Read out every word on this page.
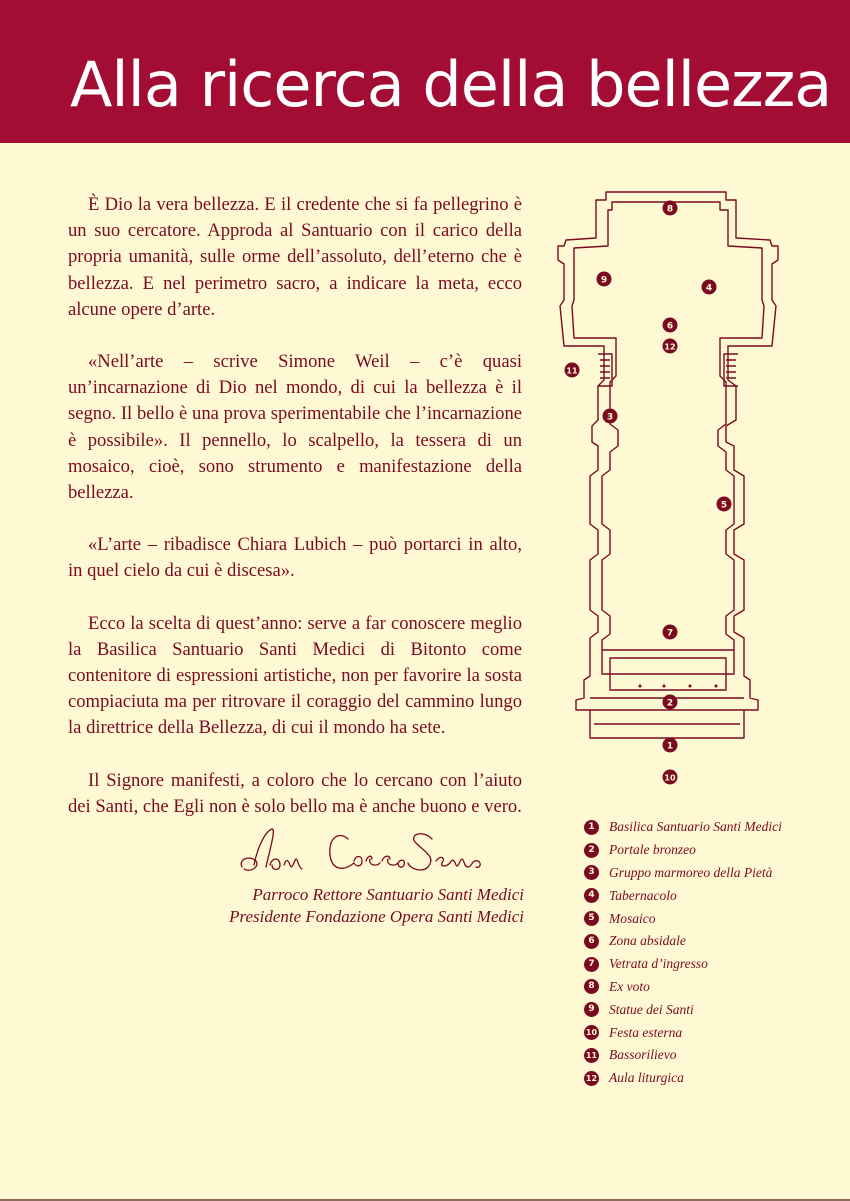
Alla ricerca della bellezza

È Dio la vera bellezza. E il credente che si fa pellegrino è un suo cercatore. Approda al Santuario con il carico della propria umanità, sulle orme dell’assoluto, dell’eterno che è bellezza. E nel perimetro sacro, a indicare la meta, ecco alcune opere d’arte.

«Nell’arte – scrive Simone Weil – c’è quasi un’incarnazione di Dio nel mondo, di cui la bellezza è il segno. Il bello è una prova sperimentabile che l’incarnazione è possibile». Il pennello, lo scalpello, la tessera di un mosaico, cioè, sono strumento e manifestazione della bellezza.

«L’arte – ribadisce Chiara Lubich – può portarci in alto, in quel cielo da cui è discesa».

Ecco la scelta di quest’anno: serve a far conoscere meglio la Basilica Santuario Santi Medici di Bitonto come contenitore di espressioni artistiche, non per favorire la sosta compiaciuta ma per ritrovare il coraggio del cammino lungo la direttrice della Bellezza, di cui il mondo ha sete.

Il Signore manifesti, a coloro che lo cercano con l’aiuto dei Santi, che Egli non è solo bello ma è anche buono e vero.

Parroco Rettore Santuario Santi Medici
Presidente Fondazione Opera Santi Medici
8
9
4
6
12
11
3
5
7
2
1
10
1	Basilica Santuario Santi Medici
2	Portale bronzeo
3	Gruppo marmoreo della Pietà
4	Tabernacolo
5	Mosaico
6	Zona absidale
7	Vetrata d’ingresso
8	Ex voto
9	Statue dei Santi
10 Festa esterna
11 Bassorilievo
12 Aula liturgica
